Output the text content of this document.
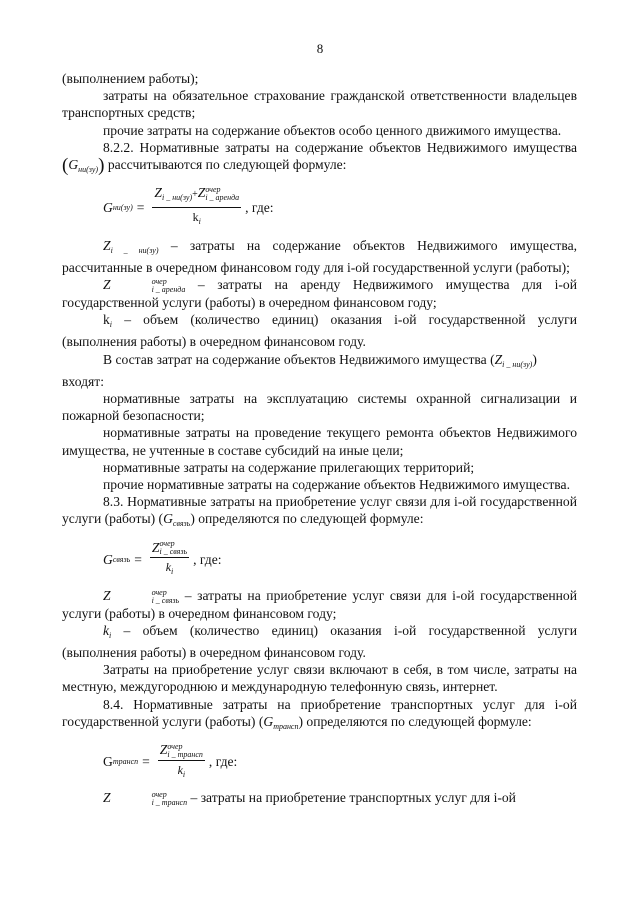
8

(выполнением работы);

затраты на обязательное страхование гражданской ответственности владельцев транспортных средств;

прочие затраты на содержание объектов особо ценного движимого имущества.

8.2.2. Нормативные затраты на содержание объектов Недвижимого имущества $(G_{ни(зу)})$ рассчитываются по следующей формуле:

G $ни(зу) = Z_{i \_ ни(зу)}+Z$ очер
i _ аренда
$k_i$ , где:

$Z_{i \_ ни(зу)}$ – затраты на содержание объектов Недвижимого имущества, рассчитанные в очередном финансовом году для i-ой государственной услуги (работы);

Z	очер
i _ аренда – затраты на аренду Недвижимого имущества для i-ой государственной услуги (работы) в очередном финансовом году;

$k_i$ – объем (количество единиц) оказания i-ой государственной услуги (выполнения работы) в очередном финансовом году.

В состав затрат на содержание объектов Недвижимого имущества $(Z_{i \_ ни(зу)})$

входят:

нормативные затраты на эксплуатацию системы охранной сигнализации и пожарной безопасности;

нормативные затраты на проведение текущего ремонта объектов Недвижимого имущества, не учтенные в составе субсидий на иные цели;

нормативные затраты на содержание прилегающих территорий;

прочие нормативные затраты на содержание объектов Недвижимого имущества.

8.3. Нормативные затраты на приобретение услуг связи для i-ой государственной услуги (работы) $(G_{связь})$ определяются по следующей формуле:

G связь = Z очер
i _ связь
$k_i$ , где:

Z	очер
i _ связь – затраты на приобретение услуг связи для i-ой государственной услуги (работы) в очередном финансовом году;

$k_i$ – объем (количество единиц) оказания i-ой государственной услуги (выполнения работы) в очередном финансовом году.

Затраты на приобретение услуг связи включают в себя, в том числе, затраты на местную, междугороднюю и международную телефонную связь, интернет.

8.4. Нормативные затраты на приобретение транспортных услуг для i-ой государственной услуги (работы) $(G_{трансп})$ определяются по следующей формуле:

G трансп = Z очер
i _ трансп
$k_i$ , где:

Z	очер
i _ трансп – затраты на приобретение транспортных услуг для i-ой
